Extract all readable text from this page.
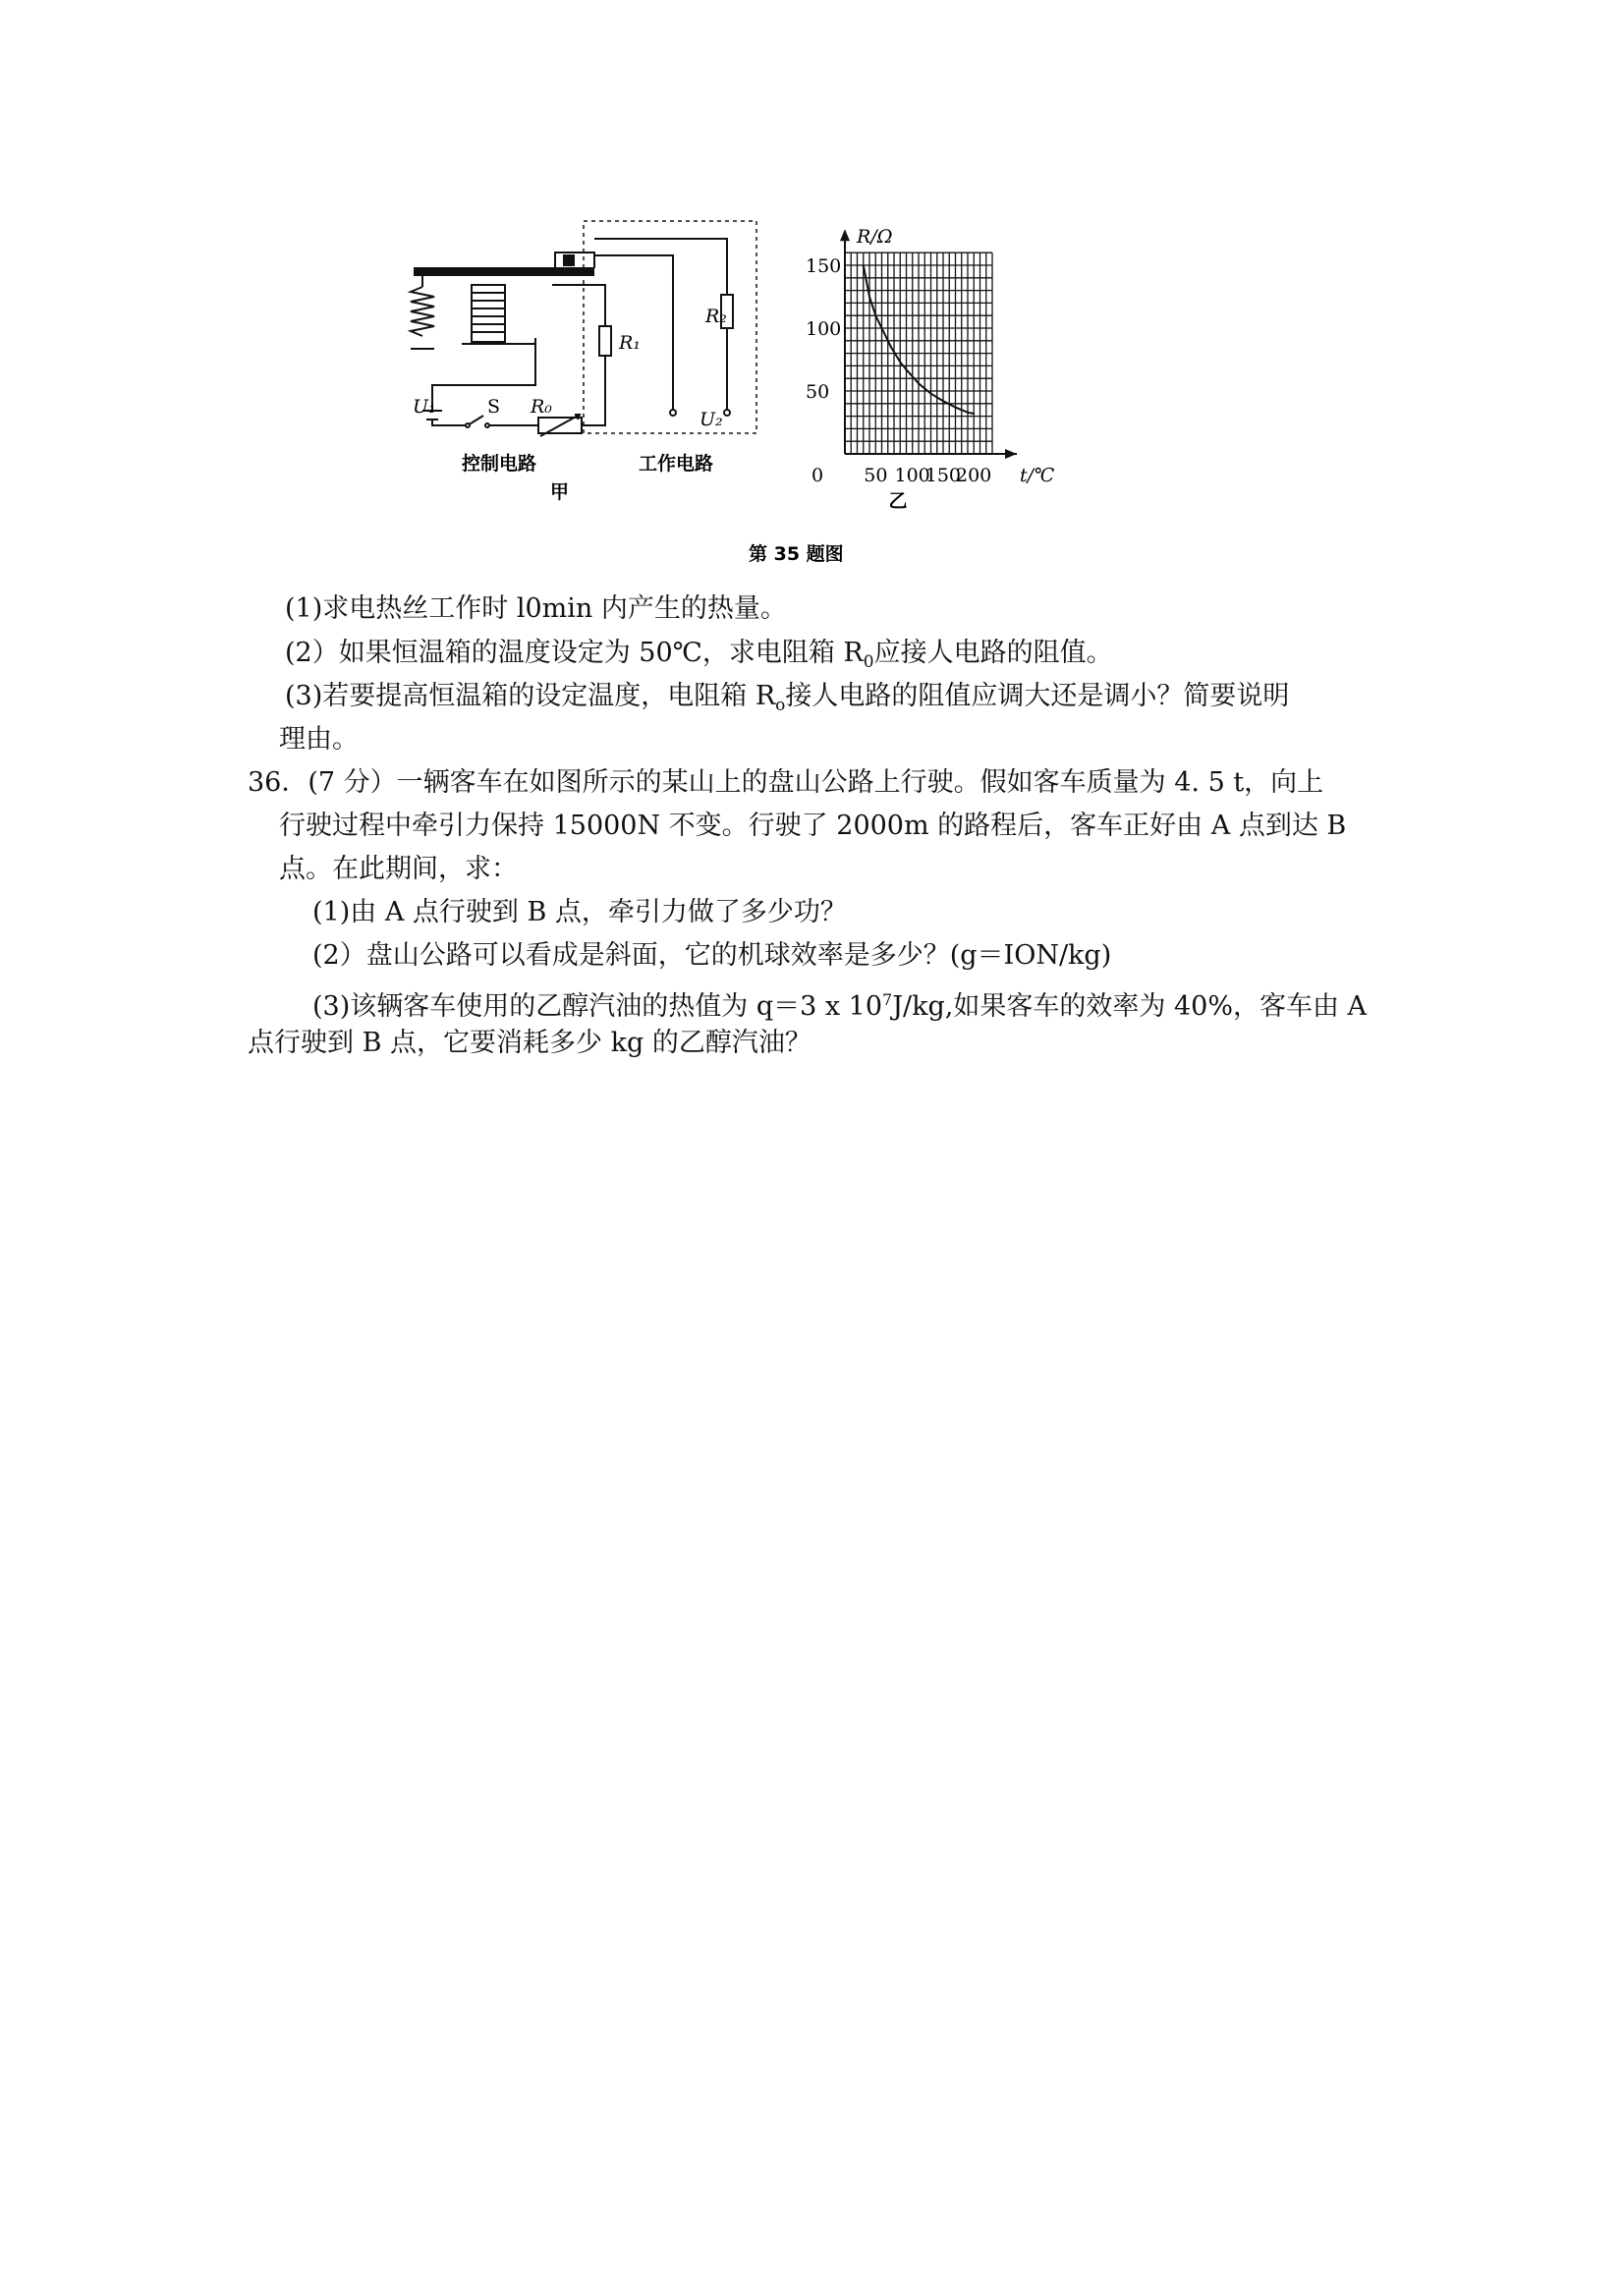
控制电路	工作电路
甲
U₁	S R₀
R₁
R₂
U₂
第 35 题图
0 50 100
150
200
50
100
150
R/Ω
t/℃
乙
(1)求电热丝工作时 l0min 内产生的热量。
(2）如果恒温箱的温度设定为 50℃，求电阻箱 $R_0$应接人电路的阻值。
(3)若要提高恒温箱的设定温度，电阻箱 $R_o$接人电路的阻值应调大还是调小？简要说明
理由。
36．(7 分）一辆客车在如图所示的某山上的盘山公路上行驶。假如客车质量为 4. 5 t，向上
行驶过程中牵引力保持 15000N 不变。行驶了 2000m 的路程后，客车正好由 A 点到达 B
点。在此期间，求：
(1)由 A 点行驶到 B 点，牵引力做了多少功？
(2）盘山公路可以看成是斜面，它的机球效率是多少？(g＝ION/kg)
(3)该辆客车使用的乙醇汽油的热值为 q＝3 x $10^7J/kg$,如果客车的效率为 40%，客车由 A
点行驶到 B 点，它要消耗多少 kg 的乙醇汽油？
